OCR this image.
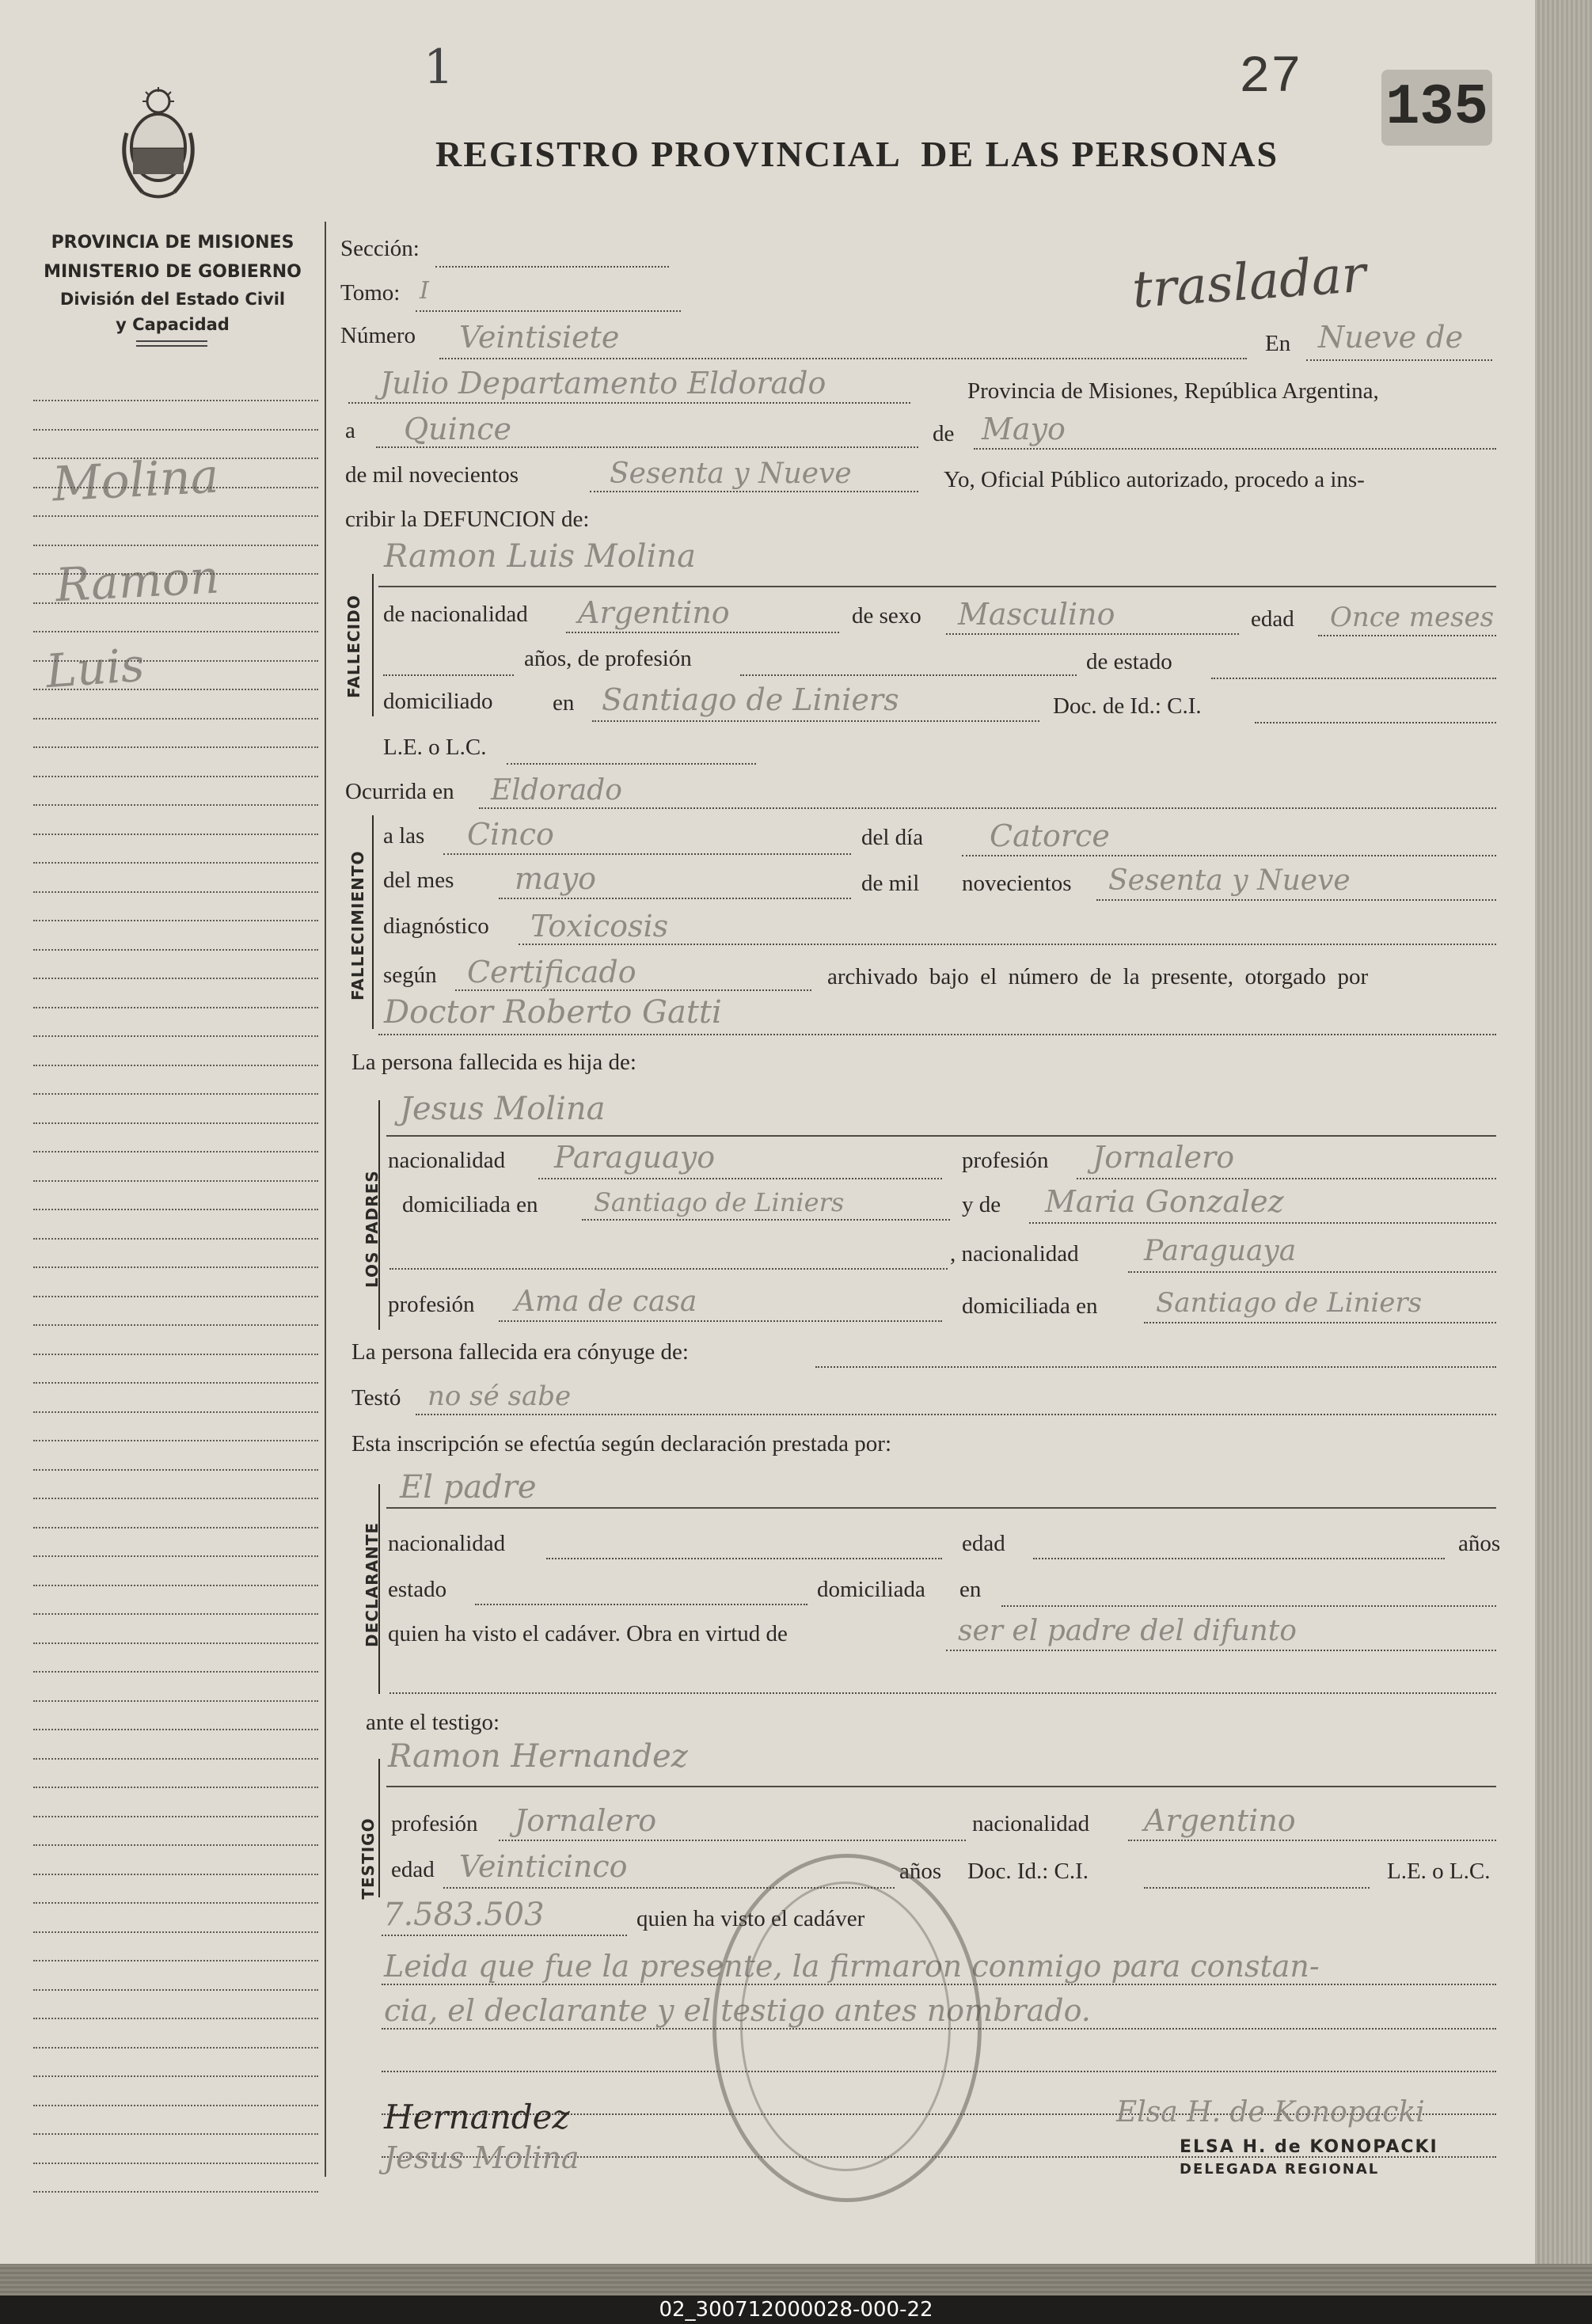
1	27 135
REGISTRO PROVINCIAL  DE LAS PERSONAS
trasladar
PROVINCIA DE MISIONES
MINISTERIO DE GOBIERNO
División del Estado Civil
y Capacidad
Molina
Ramon
Luis
Sección:
Tomo: I
Número Veintisiete	En Nueve de
Julio Departamento Eldorado	Provincia de Misiones, República Argentina,
a Quince	de Mayo
de mil novecientos	Sesenta y Nueve	Yo, Oficial Público autorizado, procedo a ins-
cribir la DEFUNCION de:
FALLECIDO
Ramon Luis Molina
de nacionalidad Argentino	de sexo Masculino	edad Once meses
años, de profesión	de estado
domiciliado	en Santiago de Liniers	Doc. de Id.: C.I.
L.E. o L.C.
Ocurrida en Eldorado
FALLECIMIENTO
a las Cinco	del día Catorce
del mes mayo	de mil novecientos Sesenta y Nueve
diagnóstico Toxicosis
según Certificado	archivado  bajo  el  número  de  la  presente,  otorgado  por
Doctor Roberto Gatti
La persona fallecida es hija de:
LOS PADRES
Jesus Molina
nacionalidad Paraguayo	profesión Jornalero
domiciliada en Santiago de Liniers	y de Maria Gonzalez
, nacionalidad Paraguaya
profesión Ama de casa	domiciliada en Santiago de Liniers
La persona fallecida era cónyuge de:
Testó no sé sabe
Esta inscripción se efectúa según declaración prestada por:
DECLARANTE
El padre
nacionalidad	edad	años
estado	domiciliada en
quien ha visto el cadáver. Obra en virtud de	ser el padre del difunto
ante el testigo:
TESTIGO
Ramon Hernandez
profesión Jornalero	nacionalidad Argentino
edad Veinticinco	años Doc. Id.: C.I.	L.E. o L.C.
7.583.503	quien ha visto el cadáver
Leida que fue la presente, la firmaron conmigo para constan-
cia, el declarante y el testigo antes nombrado.
Hernandez
Jesus Molina
Elsa H. de Konopacki
ELSA H. de KONOPACKI
DELEGADA REGIONAL
02_300712000028-000-22
